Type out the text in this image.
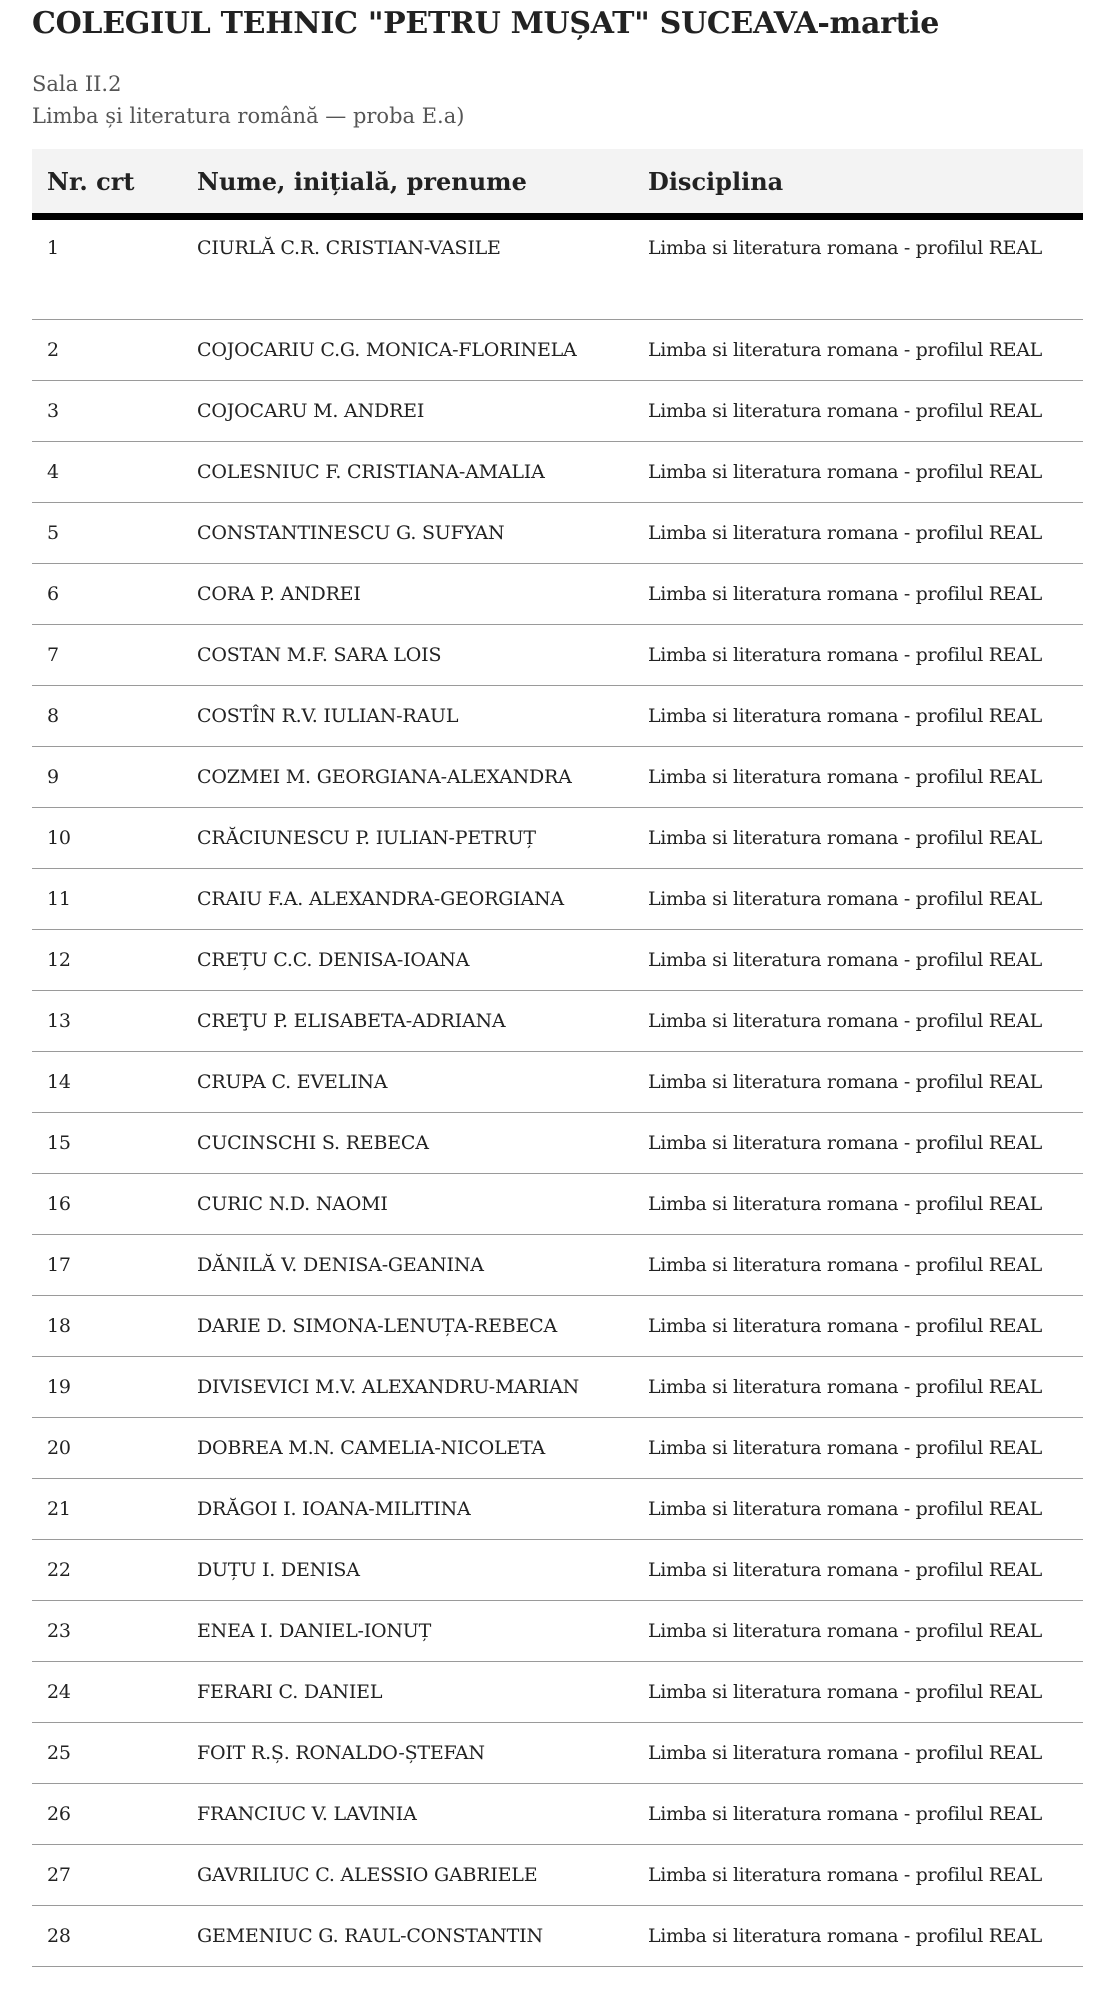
COLEGIUL TEHNIC "PETRU MUȘAT" SUCEAVA-martie
Sala II.2
Limba și literatura română — proba E.a)
Nr. crt	Nume, inițială, prenume	Disciplina
1	CIURLĂ C.R. CRISTIAN-VASILE	Limba si literatura romana - profilul REAL
2	COJOCARIU C.G. MONICA-FLORINELA	Limba si literatura romana - profilul REAL
3	COJOCARU M. ANDREI	Limba si literatura romana - profilul REAL
4	COLESNIUC F. CRISTIANA-AMALIA	Limba si literatura romana - profilul REAL
5	CONSTANTINESCU G. SUFYAN	Limba si literatura romana - profilul REAL
6	CORA P. ANDREI	Limba si literatura romana - profilul REAL
7	COSTAN M.F. SARA LOIS	Limba si literatura romana - profilul REAL
8	COSTÎN R.V. IULIAN-RAUL	Limba si literatura romana - profilul REAL
9	COZMEI M. GEORGIANA-ALEXANDRA	Limba si literatura romana - profilul REAL
10	CRĂCIUNESCU P. IULIAN-PETRUȚ	Limba si literatura romana - profilul REAL
11	CRAIU F.A. ALEXANDRA-GEORGIANA	Limba si literatura romana - profilul REAL
12	CREȚU C.C. DENISA-IOANA	Limba si literatura romana - profilul REAL
13	CREŢU P. ELISABETA-ADRIANA	Limba si literatura romana - profilul REAL
14	CRUPA C. EVELINA	Limba si literatura romana - profilul REAL
15	CUCINSCHI S. REBECA	Limba si literatura romana - profilul REAL
16	CURIC N.D. NAOMI	Limba si literatura romana - profilul REAL
17	DĂNILĂ V. DENISA-GEANINA	Limba si literatura romana - profilul REAL
18	DARIE D. SIMONA-LENUȚA-REBECA	Limba si literatura romana - profilul REAL
19	DIVISEVICI M.V. ALEXANDRU-MARIAN	Limba si literatura romana - profilul REAL
20	DOBREA M.N. CAMELIA-NICOLETA	Limba si literatura romana - profilul REAL
21	DRĂGOI I. IOANA-MILITINA	Limba si literatura romana - profilul REAL
22	DUȚU I. DENISA	Limba si literatura romana - profilul REAL
23	ENEA I. DANIEL-IONUȚ	Limba si literatura romana - profilul REAL
24	FERARI C. DANIEL	Limba si literatura romana - profilul REAL
25	FOIT R.Ș. RONALDO-ȘTEFAN	Limba si literatura romana - profilul REAL
26	FRANCIUC V. LAVINIA	Limba si literatura romana - profilul REAL
27	GAVRILIUC C. ALESSIO GABRIELE	Limba si literatura romana - profilul REAL
28	GEMENIUC G. RAUL-CONSTANTIN	Limba si literatura romana - profilul REAL
